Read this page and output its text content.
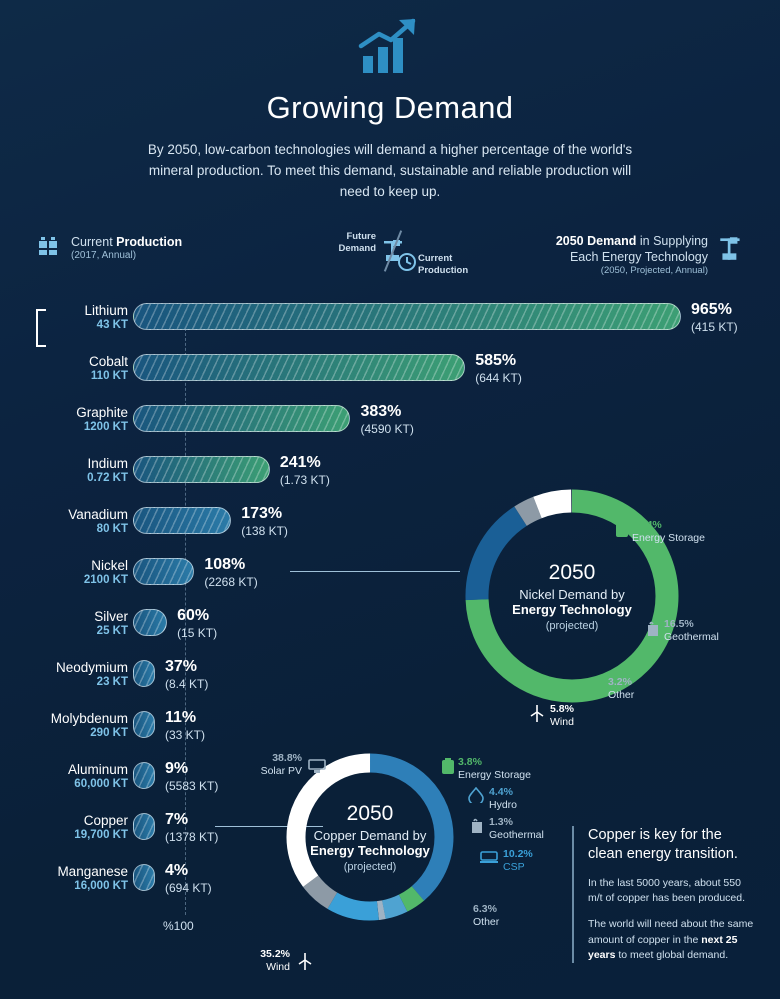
Growing Demand
By 2050, low-carbon technologies will demand a higher percentage of the world's mineral production. To meet this demand, sustainable and reliable production will need to keep up.
Current Production
(2017, Annual)
Future
Demand
Current
Production
2050 Demand in Supplying
Each Energy Technology
(2050, Projected, Annual)
%100
Lithium
43 KT
965%
(415 KT)
Cobalt
110 KT
585%
(644 KT)
Graphite
1200 KT
383%
(4590 KT)
Indium
0.72 KT
241%
(1.73 KT)
Vanadium
80 KT
173%
(138 KT)
Nickel
2100 KT
108%
(2268 KT)
Silver
25 KT
60%
(15 KT)
Neodymium
23 KT
37%
(8.4 KT)
Molybdenum
290 KT
11%
(33 KT)
Aluminum
60,000 KT
9%
(5583 KT)
Copper
19,700 KT
7%
(1378 KT)
Manganese
16,000 KT
4%
(694 KT)
2050
Nickel Demand by
Energy Technology
(projected)
74.4%
Energy Storage
16.5%
Geothermal
3.2%
Other
5.8%
Wind
2050
Copper Demand by
Energy Technology
(projected)
38.8%
Solar PV
3.8%
Energy Storage
4.4%
Hydro
1.3%
Geothermal
10.2%
CSP
6.3%
Other
35.2%
Wind
Copper is key for the clean energy transition.

In the last 5000 years, about 550 m/t of copper has been produced.

The world will need about the same amount of copper in the next 25 years to meet global demand.
